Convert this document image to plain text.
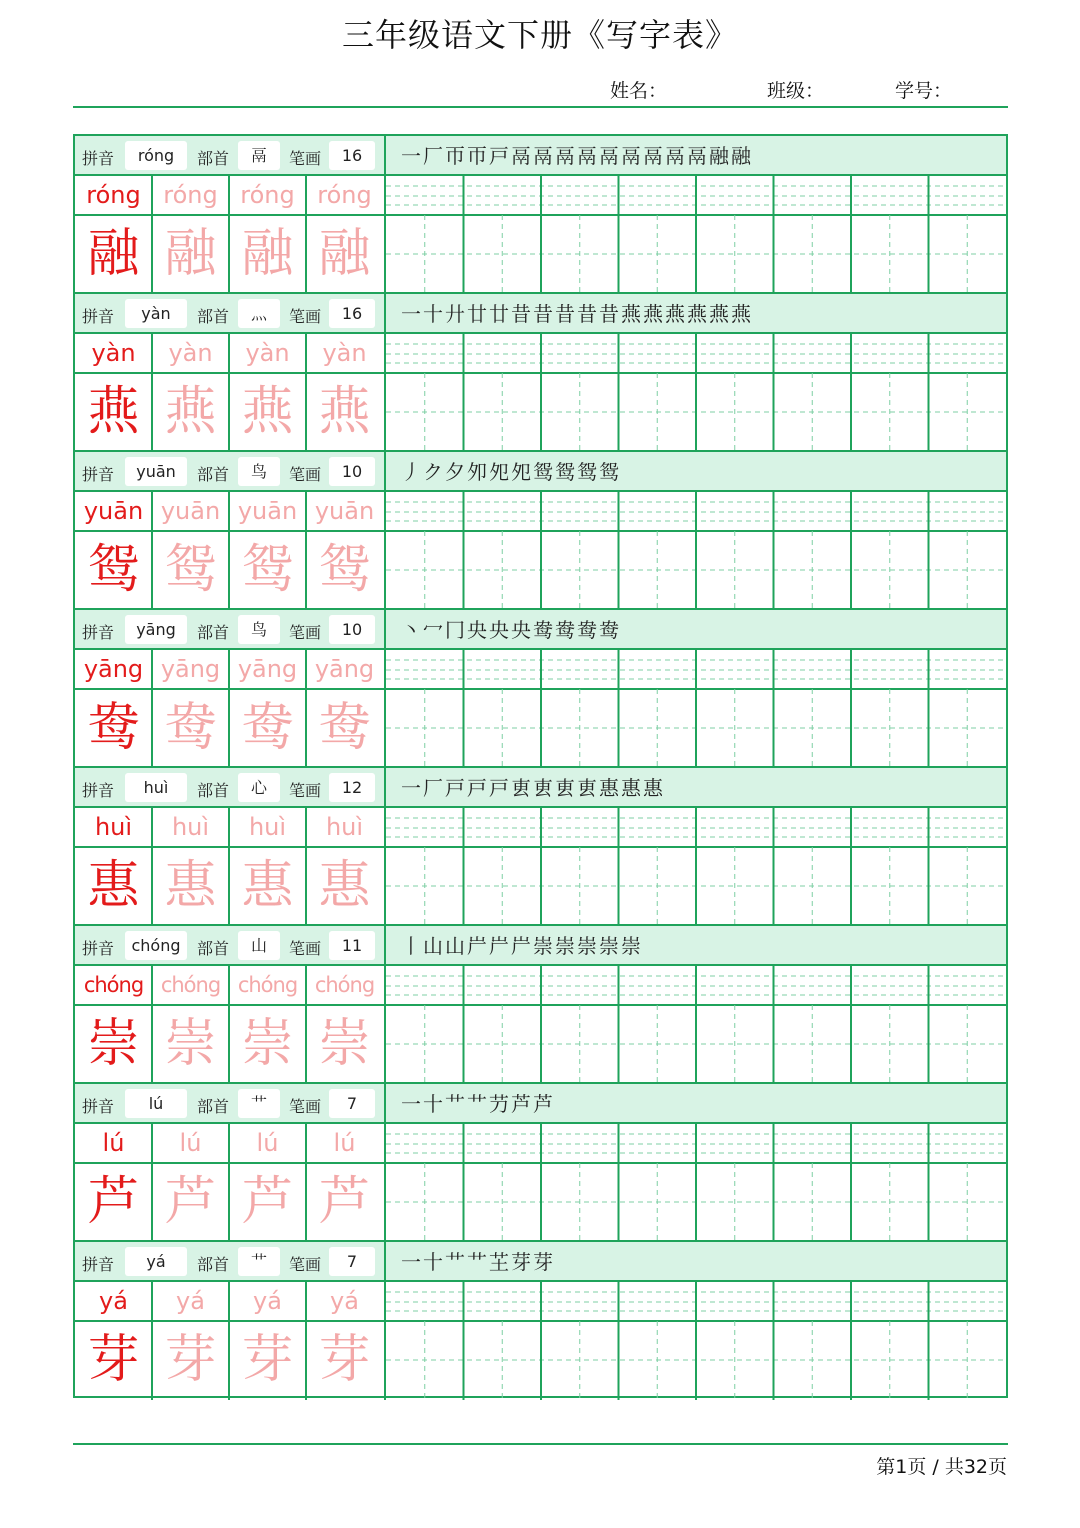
三年级语文下册《写字表》
姓名：	班级：	学号：
拼音	róng	部首	鬲	笔画	16	一厂帀帀戸鬲鬲鬲鬲鬲鬲鬲鬲鬲融融
róng róng róng róng
融 融 融 融
拼音	yàn	部首	灬	笔画	16	一十廾廿廿昔昔昔昔昔燕燕燕燕燕燕
yàn	yàn	yàn	yàn
燕 燕 燕 燕
拼音	yuān	部首	鸟	笔画	10	丿ク夕夘夗夗鸳鸳鸳鸳
yuān yuān yuān yuān
鸳 鸳 鸳 鸳
拼音	yāng	部首	鸟	笔画	10	丶冖冂央央央鸯鸯鸯鸯
yāng yāng yāng yāng
鸯 鸯 鸯 鸯
拼音	huì	部首	心	笔画	12	一厂戸戸戸叀叀叀叀惠惠惠
huì	huì	huì	huì
惠 惠 惠 惠
拼音	chóng	部首	山	笔画	11	丨山山屵屵屵崇崇崇崇崇
chóng chóng chóng chóng
崇 崇 崇 崇
拼音	lú	部首	艹	笔画	7	一十艹艹芀芦芦
lú	lú	lú	lú
芦 芦 芦 芦
拼音	yá	部首	艹	笔画	7	一十艹艹芏芽芽
yá	yá	yá	yá
芽 芽 芽 芽
第1页 / 共32页
